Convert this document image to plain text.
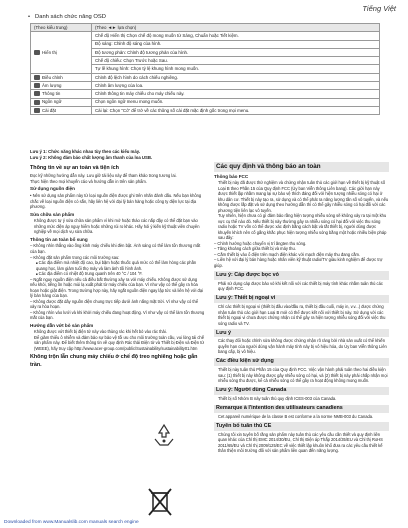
Tiếng Việt
• Danh sách chức năng OSD
(Theo kiểu trung)	(Theo ◄► lựa chọn)
Hiển thị	Chế độ Hiển thị Chọn chế độ mong muốn từ Sáng, Chuẩn hoặc Tiết kiệm.
	Độ sáng: Chỉnh độ sáng của hình.
	Độ tương phản: Chỉnh độ tương phản của hình.
	Chế độ chiếu: Chọn Trước hoặc Sau.
	Tự lề khung hình: Chọn tỷ lệ khung hình mong muốn.
Điều chỉnh	Chỉnh độ lệch hình do cách chiếu nghiêng.
Âm lượng	Chỉnh âm lượng của loa.
Thông tin	Chỉnh thông tin máy chiếu cho máy chiếu này.
Ngôn ngữ	Chọn ngôn ngữ menu mong muốn.
Cài đặt	Cài lại: Chọn "Có" để trở về các thông số cài đặt mặc định gốc trong mọi menu.
Lưu ý 1: Chức năng khác nhau tùy theo các kiểu máy.
Lưu ý 2: Không đảm bảo chất lượng âm thanh của loa USB.
Thông tin về sự an toàn và tiện ích
Đọc kỹ những hướng dẫn này. Lưu giữ tài liệu này để tham khảo trong tương lai.
Thực hiện theo mọi khuyến cáo và hướng dẫn in trên sản phẩm.
Sử dụng nguồn điện
• Nên sử dụng sản phẩm này từ loại nguồn điện được ghi trên nhãn đánh dấu. Nếu bạn không chắc về loại nguồn điện có sẵn, hãy liên hệ với đại lý bán hàng hoặc công ty điện lực tại địa phương.
Sửa chữa sản phẩm
Không được tự ý sửa chữa sản phẩm vì khi mở hoặc tháo các nắp đậy có thể đặt bạn vào những mức điện áp nguy hiểm hoặc những rủi ro khác. Hãy hỏi ý kiến kỹ thuật viên chuyên nghiệp về mọi dịch vụ sửa chữa.
Thông tin an toàn bổ sung
– Không nhìn thẳng vào ống kính máy chiếu khi đèn bật. Ánh sáng có thể làm tổn thương mắt của bạn.
– Không đặt sản phẩm trong các môi trường sau:
■ Các địa điểm mà nhiệt độ cao, bụi bặm hoặc thuốc quá mức có thể làm hỏng các phần quang học, làm giảm tuổi thọ máy và làm ảnh tối hình ảnh.
■ Các địa điểm có nhiệt độ trung quanh trên 40 °C / 104 °F.
– Ngắt nguy nguồn điện nếu cả điều bất thường xảy ra với máy chiếu. Không được sử dụng nếu khói, tiếng ồn hoặc mùi lạ xuất phát từ máy chiếu của bạn. Vì như vậy có thể gây ra hỏa hoạn hoặc giật điện. Trong trường hợp này, hãy ngắt nguồn điện ngay lập tức và liên hệ với đại lý bán hàng của bạn.
– Không được đặt dây nguồn điện chung trực tiếp dưới ánh nắng mặt trời. Vì như vậy có thể xảy ra hỏa hoạn.
– Không nhìn vào lưới và khi khởi máy chiếu đang hoạt động. Vì như vậy có thể làm tổn thương mắt của bạn.
Hướng dẫn vứt bỏ sản phẩm
Không được vứt thiết bị điện tử này vào thùng rác khi hết bỏ vào rác thải.
Để giảm thiểu ô nhiễm và đảm bảo sự bảo vệ tối ưu cho môi trường toàn cầu, vui lòng tái chế sản phẩm này. Để biết thêm thông tin về quy định Rác thải Điện tử và Thiết bị Điện và Điện tử (WEEE), hãy truy cập http://www.acer-group.com/public/Sustainability/sustainability01.htm
Không trộn lẫn chung máy chiếu ở chế độ treo nghiêng hoặc gắn trần.
Các quy định và thông báo an toàn
Thông báo FCC
Thiết bị này đã được thử nghiệm và chứng nhận tuân thủ các giới hạn về thiết bị kỹ thuật số Loại B theo Phần 15 của Quy định FCC (Ủy ban Viễn thông Liên bang). Các giới hạn này được thiết lập nhằm mang lại sự bảo vệ thích đáng đối với hiện tượng nhiễu sóng có hại ở khu dân cư. Thiết bị này tạo ra, sử dụng và có thể phát ra năng lượng tần số vô tuyến, và nếu không được lắp đặt và sử dụng theo hướng dẫn thì có thể gây nhiễu sóng có hại đối với các phương tiện liên lạc vô tuyến.
Tuy nhiên, hiện chưa có gì đảm bảo rằng hiện tượng nhiễu sóng sẽ không xảy ra tại một khu vực cụ thể nào đó. Nếu thiết bị này thường gây ra nhiễu sóng có hại đối với việc thu sóng radio hoặc TV vốn có thể được xác định bằng cách bật và tắt thiết bị, người dùng được khuyến khích nên cố gắng khắc phục hiện tượng nhiễu sóng bằng một hoặc nhiều biện pháp sau đây:
– Chỉnh hướng hoặc chuyển vị trí ăngten thu sóng.
– Tăng khoảng cách giữa thiết bị và máy thu.
– Cắm thiết bị vào ổ điện trên mạch điện khác với mạch điện máy thu đang cắm.
– Liên hệ với đại lý bán hàng hoặc nhân viên kỹ thuật radio/TV giàu kinh nghiệm để được trợ giúp.
Lưu ý: Cáp được bọc vỏ
Phải sử dụng cáp được bảo vỏ khi kết nối với các thiết bị máy tính khác nhằm tuân thủ các quy định FCC.
Lưu ý: Thiết bị ngoại vi
Chỉ các thiết bị ngoại vi (thiết bị đầu vào/đầu ra, thiết bị đầu cuối, máy in, v.v...) được chứng nhận tuân thủ các giới hạn Loại B mới có thể được kết nối với thiết bị này. Sử dụng với các thiết bị ngoại vi chưa được chứng nhận có thể gây ra hiện tượng nhiễu sóng đối với việc thu sóng radio và TV.
Lưu ý
Các thay đổi hoặc chỉnh sửa không được chứng nhận rõ ràng bởi nhà sản xuất có thể khiến quyền hạn của người dùng vận hành máy tính này bị vô hiệu hóa, do Ủy ban Viễn thông Liên bang cấp, bị vô hiệu.
Các điều kiện sử dụng
Thiết bị này tuân thủ Phần 15 của Quy định FCC. Việc vận hành phải tuân theo hai điều kiện sau: (1) thiết bị này không được gây nhiễu sóng có hại, và (2) thiết bị này phải chấp nhận mọi nhiễu sóng thu được, kể cả nhiễu sóng có thể gây ra hoạt động không mong muốn.
Lưu ý: Người dùng Canada
Thiết bị số Nhóm B này tuân thủ quy định ICES-003 của Canada.
Remarque à l'intention des utilisateurs canadiens
Cet appareil numérique de la classe B est conforme a la norme NMB-003 du Canada.
Tuyên bố tuân thủ CE
Chúng tôi xin tuyên bố rằng sản phẩm này tuân thủ các yêu cầu cần thiết và quy định liên quan khác của Chỉ thị EMC 2014/30/EU, Chỉ thị Điện áp Thấp 2014/35/EU và Chỉ thị RoHS 2011/65/EU và Chỉ thị 2009/125/EC về việc thiết lập khuôn khổ đưa ra các yêu cầu thiết kế thân thiện môi trường đối với sản phẩm liên quan đến năng lượng.
Downloaded from www.Manualslib.com manuals search engine
